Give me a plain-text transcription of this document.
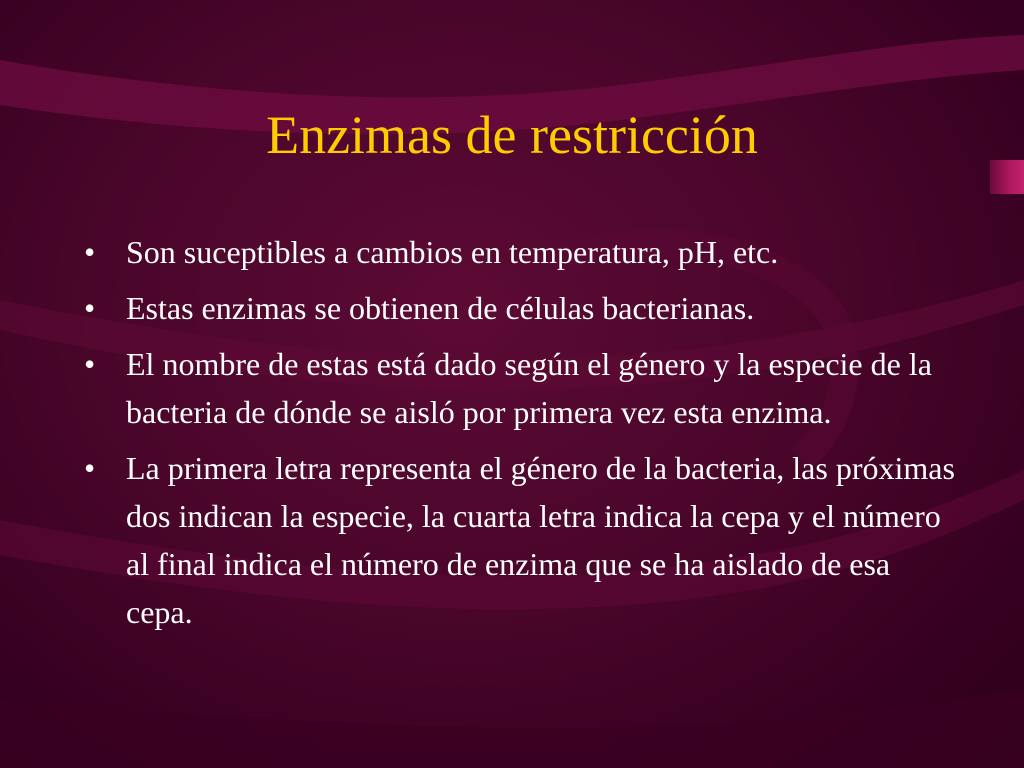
Enzimas de restricción
• Son suceptibles a cambios en temperatura, pH, etc.
• Estas enzimas se obtienen de células bacterianas.
• El nombre de estas está dado según el género y la especie de la bacteria de dónde se aisló por primera vez esta enzima.
• La primera letra representa el género de la bacteria, las próximas dos indican la especie, la cuarta letra indica la cepa y el número al final indica el número de enzima que se ha aislado de esa cepa.
